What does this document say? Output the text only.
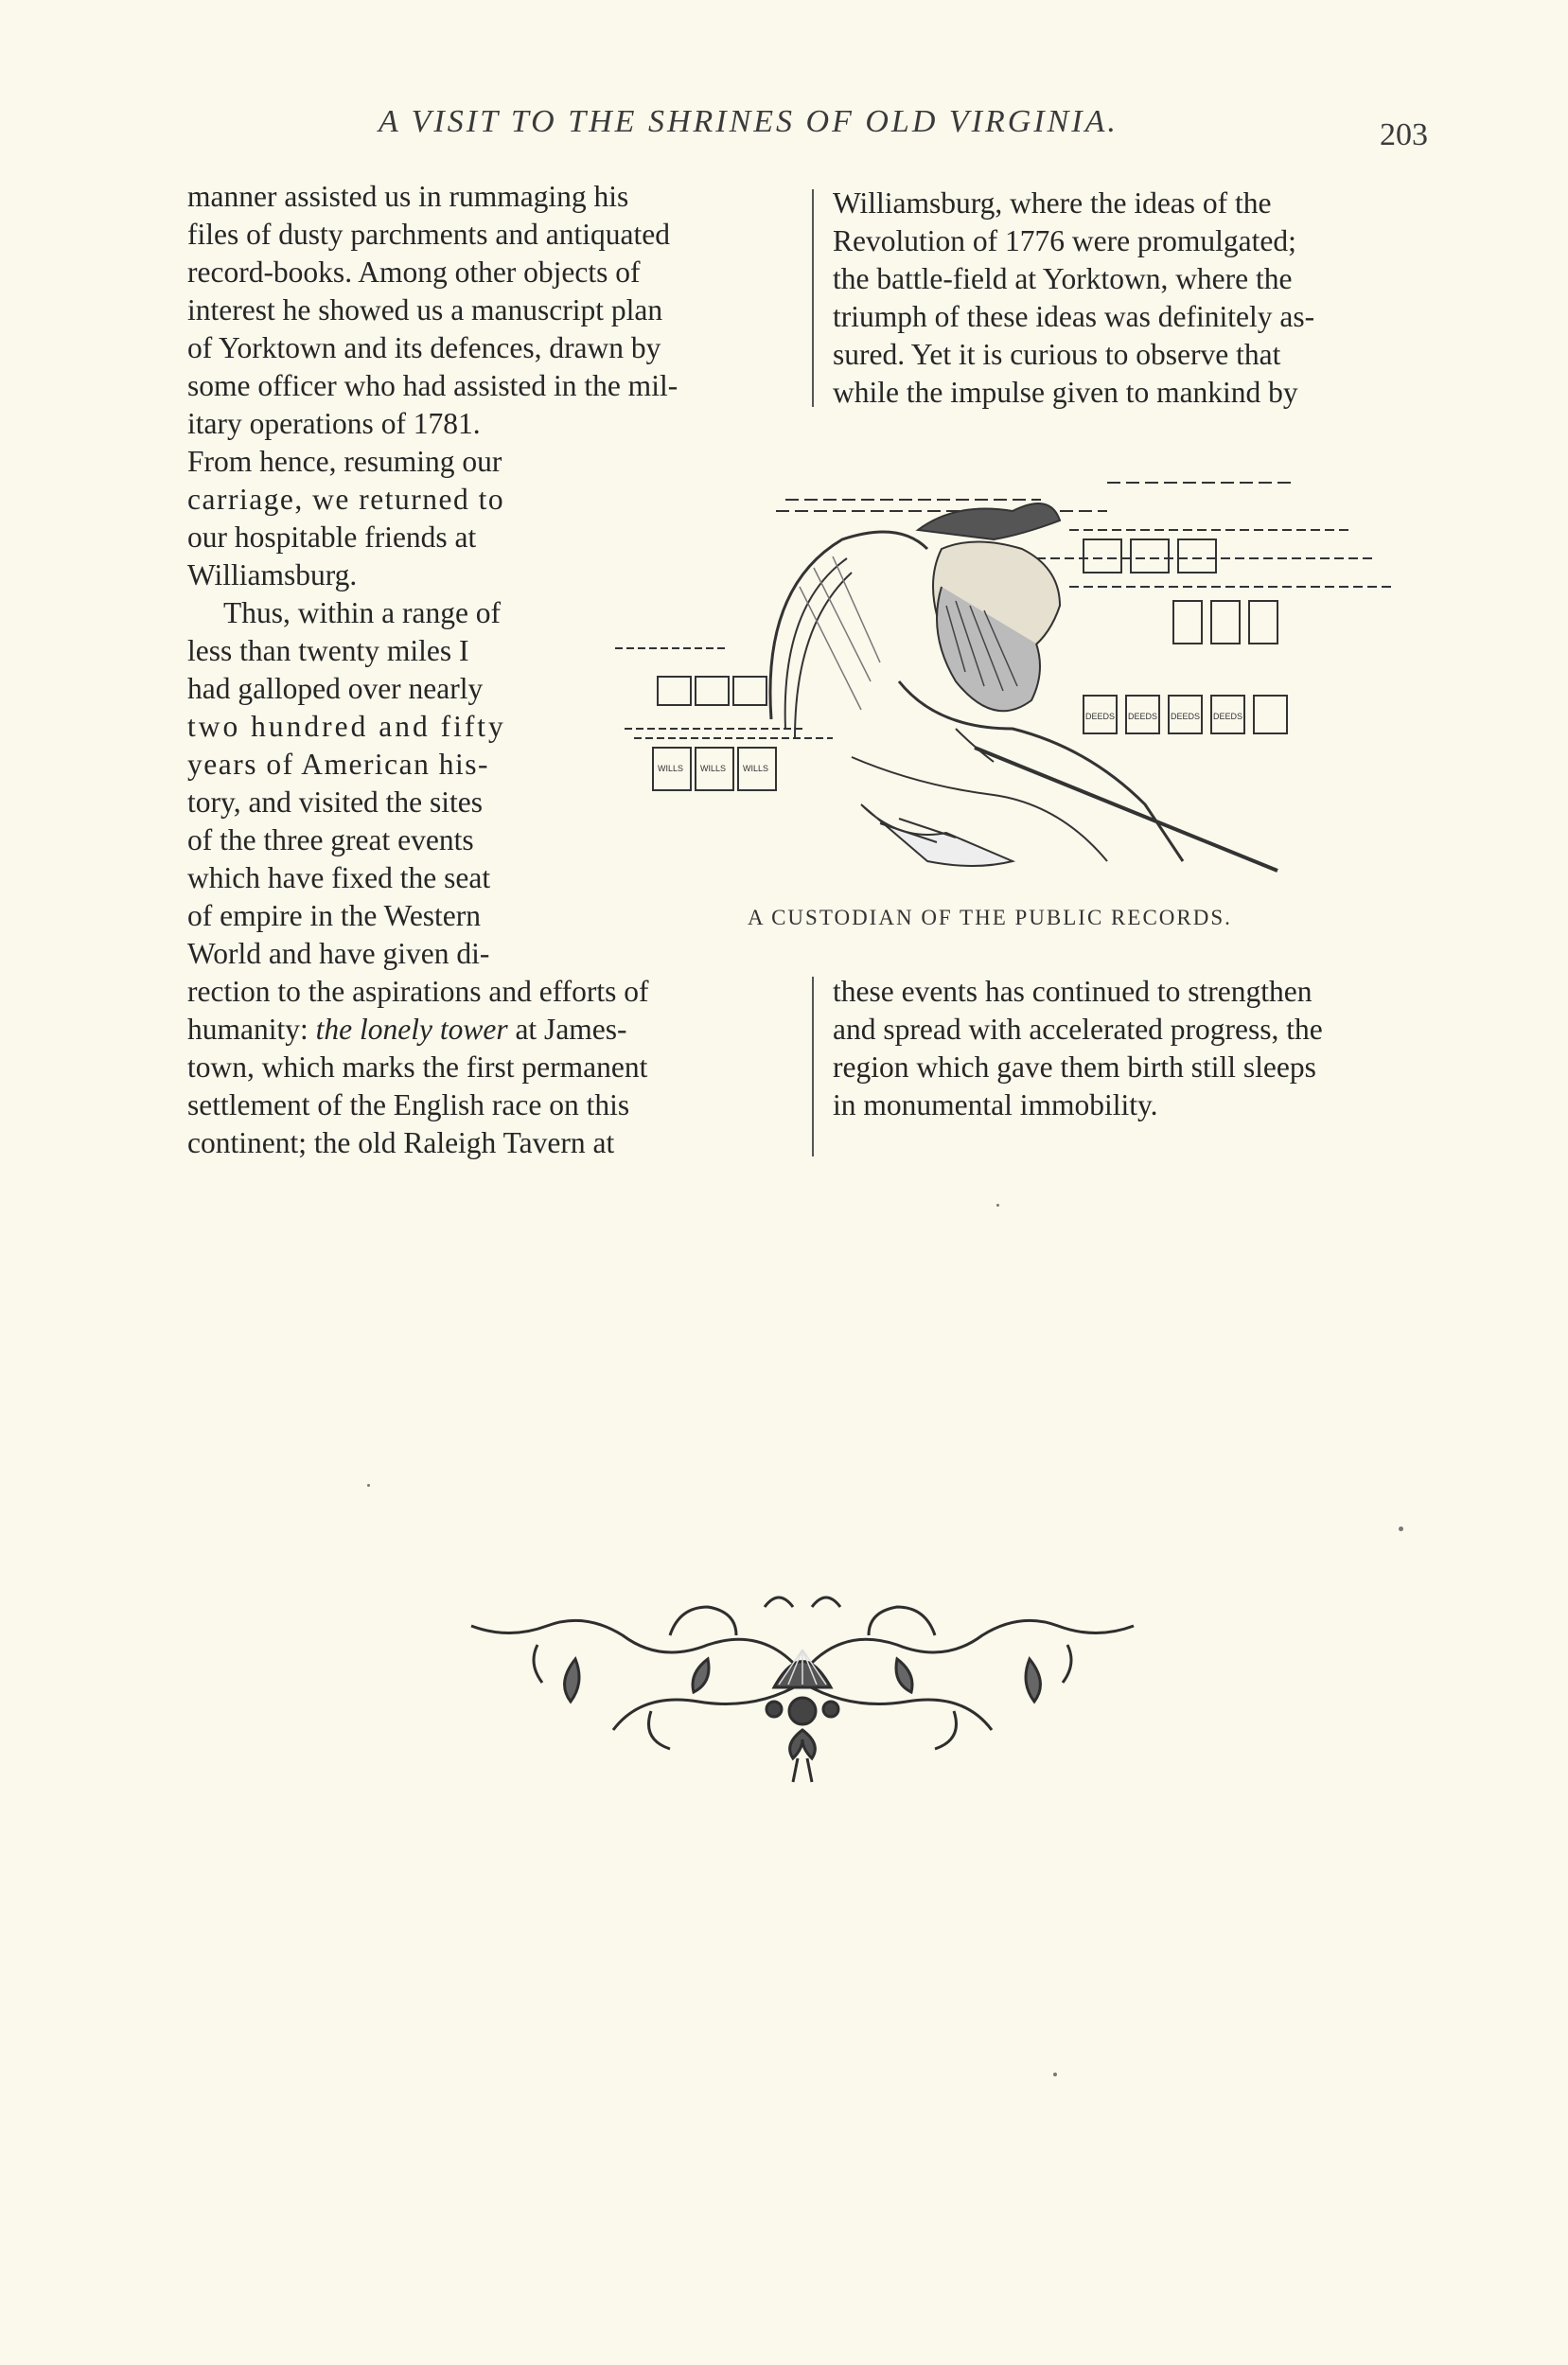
A VISIT TO THE SHRINES OF OLD VIRGINIA.	203
manner assisted us in rummaging his
files of dusty parchments and antiquated
record-books. Among other objects of
interest he showed us a manuscript plan
of Yorktown and its defences, drawn by
some officer who had assisted in the mil-
itary operations of 1781.
From hence, resuming our
carriage, we returned to
our hospitable friends at
Williamsburg.
Thus, within a range of
less than twenty miles I
had galloped over nearly
two hundred and fifty
years of American his-
tory, and visited the sites
of the three great events
which have fixed the seat
of empire in the Western
World and have given di-
rection to the aspirations and efforts of
humanity: the lonely tower at James-
town, which marks the first permanent
settlement of the English race on this
continent; the old Raleigh Tavern at
Williamsburg, where the ideas of the
Revolution of 1776 were promulgated;
the battle-field at Yorktown, where the
triumph of these ideas was definitely as-
sured. Yet it is curious to observe that
while the impulse given to mankind by
these events has continued to strengthen
and spread with accelerated progress, the
region which gave them birth still sleeps
in monumental immobility.
WILLS WILLS WILLS
DEEDS DEEDS DEEDS DEEDS
A CUSTODIAN OF THE PUBLIC RECORDS.
